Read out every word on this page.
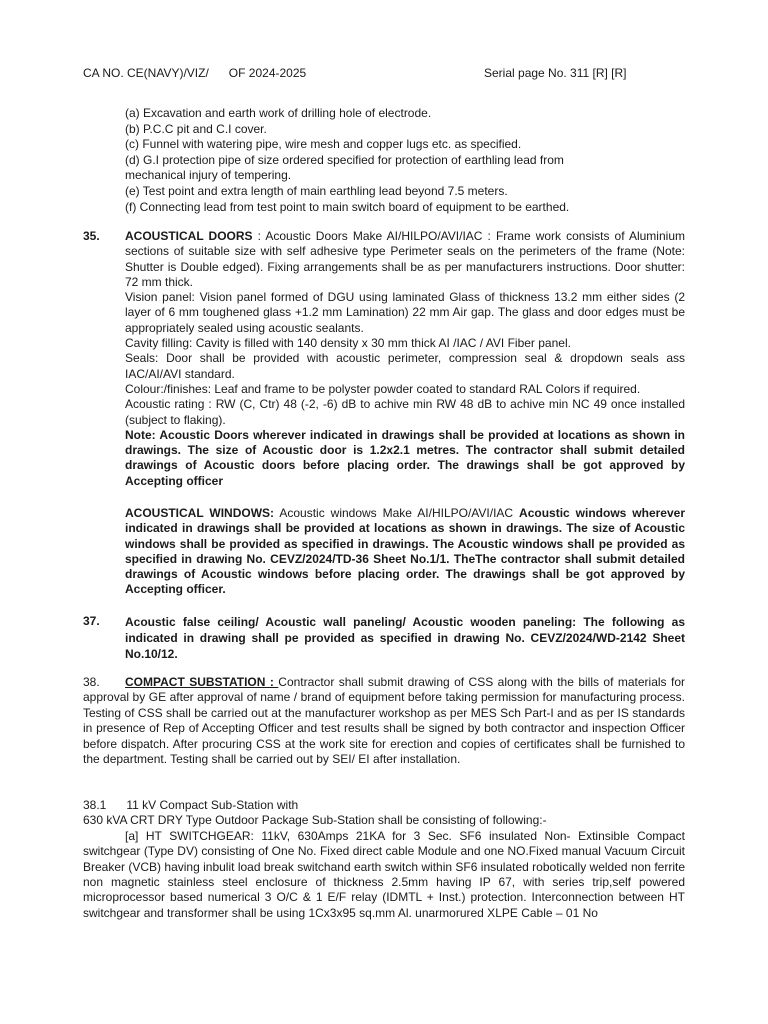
CA NO. CE(NAVY)/VIZ/      OF 2024-2025	Serial page No. 311 [R] [R]
(a) Excavation and earth work of drilling hole of electrode.
(b) P.C.C pit and C.I cover.
(c) Funnel with watering pipe, wire mesh and copper lugs etc. as specified.
(d) G.I protection pipe of size ordered specified for protection of earthling lead from
mechanical injury of tempering.
(e) Test point and extra length of main earthling lead beyond 7.5 meters.
(f) Connecting lead from test point to main switch board of equipment to be earthed.
35. ACOUSTICAL DOORS : Acoustic Doors Make AI/HILPO/AVI/IAC : Frame work consists of Aluminium sections of suitable size with self adhesive type Perimeter seals on the perimeters of the frame (Note: Shutter is Double edged). Fixing arrangements shall be as per manufacturers instructions. Door shutter: 72 mm thick.

Vision panel: Vision panel formed of DGU using laminated Glass of thickness 13.2 mm either sides (2 layer of 6 mm toughened glass +1.2 mm Lamination) 22 mm Air gap. The glass and door edges must be appropriately sealed using acoustic sealants.

Cavity filling: Cavity is filled with 140 density x 30 mm thick AI /IAC / AVI Fiber panel.

Seals: Door shall be provided with acoustic perimeter, compression seal & dropdown seals ass IAC/AI/AVI standard.

Colour:/finishes: Leaf and frame to be polyster powder coated to standard RAL Colors if required.

Acoustic rating : RW (C, Ctr) 48 (-2, -6) dB to achive min RW 48 dB to achive min NC 49 once installed (subject to flaking).

Note: Acoustic Doors wherever indicated in drawings shall be provided at locations as shown in drawings. The size of Acoustic door is 1.2x2.1 metres. The contractor shall submit detailed drawings of Acoustic doors before placing order. The drawings shall be got approved by Accepting officer

ACOUSTICAL WINDOWS: Acoustic windows Make AI/HILPO/AVI/IAC Acoustic windows wherever indicated in drawings shall be provided at locations as shown in drawings. The size of Acoustic windows shall be provided as specified in drawings. The Acoustic windows shall pe provided as specified in drawing No. CEVZ/2024/TD-36 Sheet No.1/1. TheThe contractor shall submit detailed drawings of Acoustic windows before placing order. The drawings shall be got approved by Accepting officer.

37. Acoustic false ceiling/ Acoustic wall paneling/ Acoustic wooden paneling: The following as indicated in drawing shall pe provided as specified in drawing No. CEVZ/2024/WD-2142 Sheet No.10/12.

38. COMPACT SUBSTATION : Contractor shall submit drawing of CSS along with the bills of materials for approval by GE after approval of name / brand of equipment before taking permission for manufacturing process. Testing of CSS shall be carried out at the manufacturer workshop as per MES Sch Part-I and as per IS standards in presence of Rep of Accepting Officer and test results shall be signed by both contractor and inspection Officer before dispatch. After procuring CSS at the work site for erection and copies of certificates shall be furnished to the department. Testing shall be carried out by SEI/ EI after installation.

38.1      11 kV Compact Sub-Station with

630 kVA CRT DRY Type Outdoor Package Sub-Station shall be consisting of following:-

[a] HT SWITCHGEAR: 11kV, 630Amps 21KA for 3 Sec. SF6 insulated Non- Extinsible Compact switchgear (Type DV) consisting of One No. Fixed direct cable Module and one NO.Fixed manual Vacuum Circuit Breaker (VCB) having inbulit load break switchand earth switch within SF6 insulated robotically welded non ferrite non magnetic stainless steel enclosure of thickness 2.5mm having IP 67, with series trip,self powered microprocessor based numerical 3 O/C & 1 E/F relay (IDMTL + Inst.) protection. Interconnection between HT switchgear and transformer shall be using 1Cx3x95 sq.mm Al. unarmorured XLPE Cable – 01 No
